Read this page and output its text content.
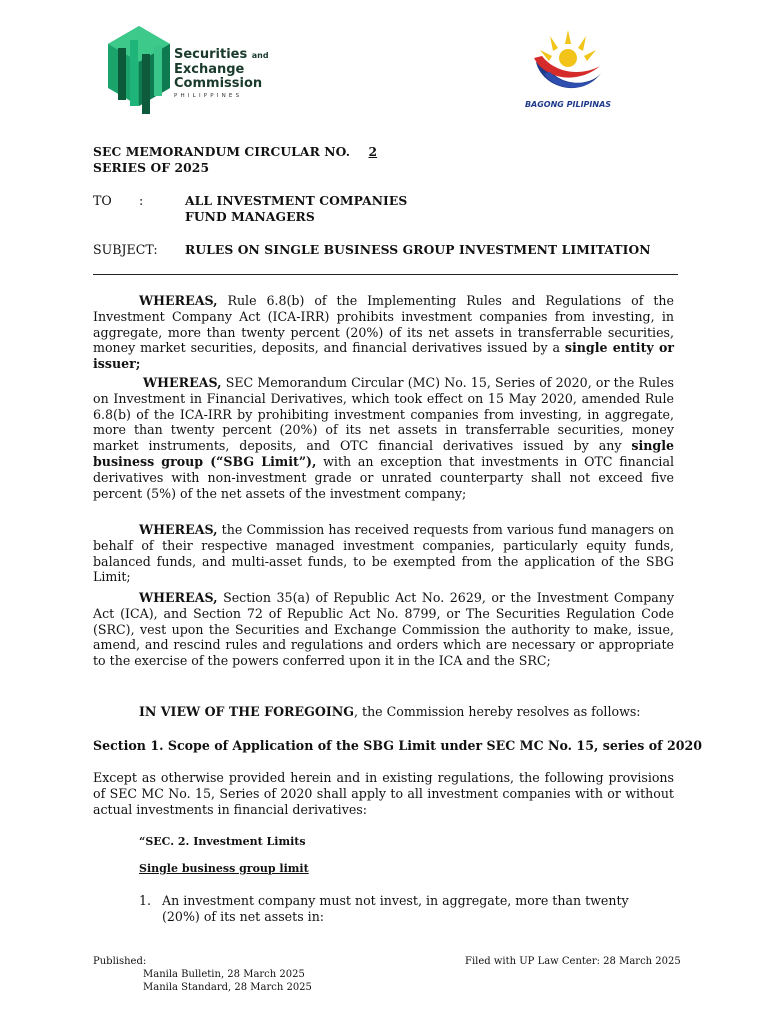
Securities and
Exchange
Commission
PHILIPPINES
BAGONG PILIPINAS
SEC MEMORANDUM CIRCULAR NO. 2
SERIES OF 2025
TO :	ALL INVESTMENT COMPANIES
FUND MANAGERS
SUBJECT: RULES ON SINGLE BUSINESS GROUP INVESTMENT LIMITATION
WHEREAS, Rule 6.8(b) of the Implementing Rules and Regulations of the Investment Company Act (ICA-IRR) prohibits investment companies from investing, in aggregate, more than twenty percent (20%) of its net assets in transferrable securities, money market securities, deposits, and financial derivatives issued by a single entity or issuer;
WHEREAS, SEC Memorandum Circular (MC) No. 15, Series of 2020, or the Rules on Investment in Financial Derivatives, which took effect on 15 May 2020, amended Rule 6.8(b) of the ICA-IRR by prohibiting investment companies from investing, in aggregate, more than twenty percent (20%) of its net assets in transferrable securities, money market instruments, deposits, and OTC financial derivatives issued by any single business group (“SBG Limit”), with an exception that investments in OTC financial derivatives with non-investment grade or unrated counterparty shall not exceed five percent (5%) of the net assets of the investment company;
WHEREAS, the Commission has received requests from various fund managers on behalf of their respective managed investment companies, particularly equity funds, balanced funds, and multi-asset funds, to be exempted from the application of the SBG Limit;
WHEREAS, Section 35(a) of Republic Act No. 2629, or the Investment Company Act (ICA), and Section 72 of Republic Act No. 8799, or The Securities Regulation Code (SRC), vest upon the Securities and Exchange Commission the authority to make, issue, amend, and rescind rules and regulations and orders which are necessary or appropriate to the exercise of the powers conferred upon it in the ICA and the SRC;
IN VIEW OF THE FOREGOING, the Commission hereby resolves as follows:
Section 1. Scope of Application of the SBG Limit under SEC MC No. 15, series of 2020
Except as otherwise provided herein and in existing regulations, the following provisions of SEC MC No. 15, Series of 2020 shall apply to all investment companies with or without actual investments in financial derivatives:
“SEC. 2. Investment Limits
Single business group limit
1. An investment company must not invest, in aggregate, more than twenty
(20%) of its net assets in:
Published:
Manila Bulletin, 28 March 2025
Manila Standard, 28 March 2025
Filed with UP Law Center: 28 March 2025
